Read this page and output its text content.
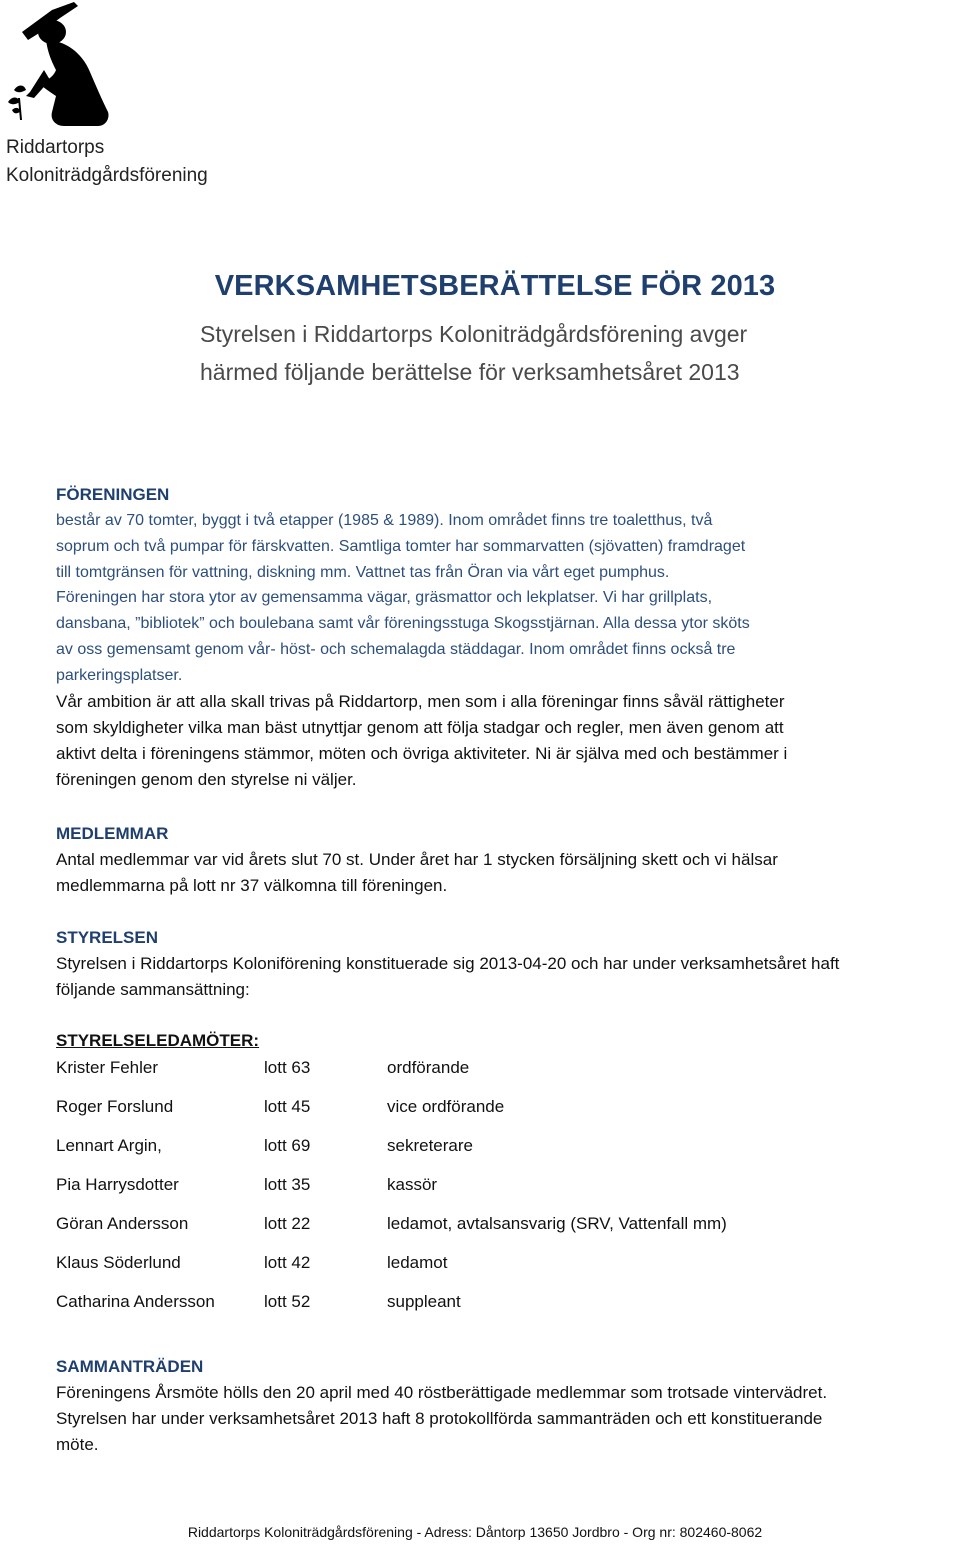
Riddartorps
Koloniträdgårdsförening
VERKSAMHETSBERÄTTELSE FÖR 2013
Styrelsen i Riddartorps Koloniträdgårdsförening avger
härmed följande berättelse för verksamhetsåret 2013
FÖRENINGEN
består av 70 tomter, byggt i två etapper (1985 & 1989). Inom området finns tre toaletthus, två
soprum och två pumpar för färskvatten. Samtliga tomter har sommarvatten (sjövatten) framdraget
till tomtgränsen för vattning, diskning mm. Vattnet tas från Öran via vårt eget pumphus.
Föreningen har stora ytor av gemensamma vägar, gräsmattor och lekplatser. Vi har grillplats,
dansbana, ”bibliotek” och boulebana samt vår föreningsstuga Skogsstjärnan. Alla dessa ytor sköts
av oss gemensamt genom vår- höst- och schemalagda städdagar. Inom området finns också tre
parkeringsplatser.
Vår ambition är att alla skall trivas på Riddartorp, men som i alla föreningar finns såväl rättigheter
som skyldigheter vilka man bäst utnyttjar genom att följa stadgar och regler, men även genom att
aktivt delta i föreningens stämmor, möten och övriga aktiviteter. Ni är själva med och bestämmer i
föreningen genom den styrelse ni väljer.
MEDLEMMAR
Antal medlemmar var vid årets slut 70 st. Under året har 1 stycken försäljning skett och vi hälsar
medlemmarna på lott nr 37 välkomna till föreningen.
STYRELSEN
Styrelsen i Riddartorps Koloniförening konstituerade sig 2013-04-20 och har under verksamhetsåret haft
följande sammansättning:
STYRELSELEDAMÖTER:
Krister Fehler	lott 63	ordförande
Roger Forslund	lott 45	vice ordförande
Lennart Argin,	lott 69	sekreterare
Pia Harrysdotter	lott 35	kassör
Göran Andersson	lott 22	ledamot, avtalsansvarig (SRV, Vattenfall mm)
Klaus Söderlund	lott 42	ledamot
Catharina Andersson	lott 52	suppleant
SAMMANTRÄDEN
Föreningens Årsmöte hölls den 20 april med 40 röstberättigade medlemmar som trotsade vintervädret.
Styrelsen har under verksamhetsåret 2013 haft 8 protokollförda sammanträden och ett konstituerande
möte.
Riddartorps Koloniträdgårdsförening - Adress: Dåntorp 13650 Jordbro - Org nr: 802460-8062
